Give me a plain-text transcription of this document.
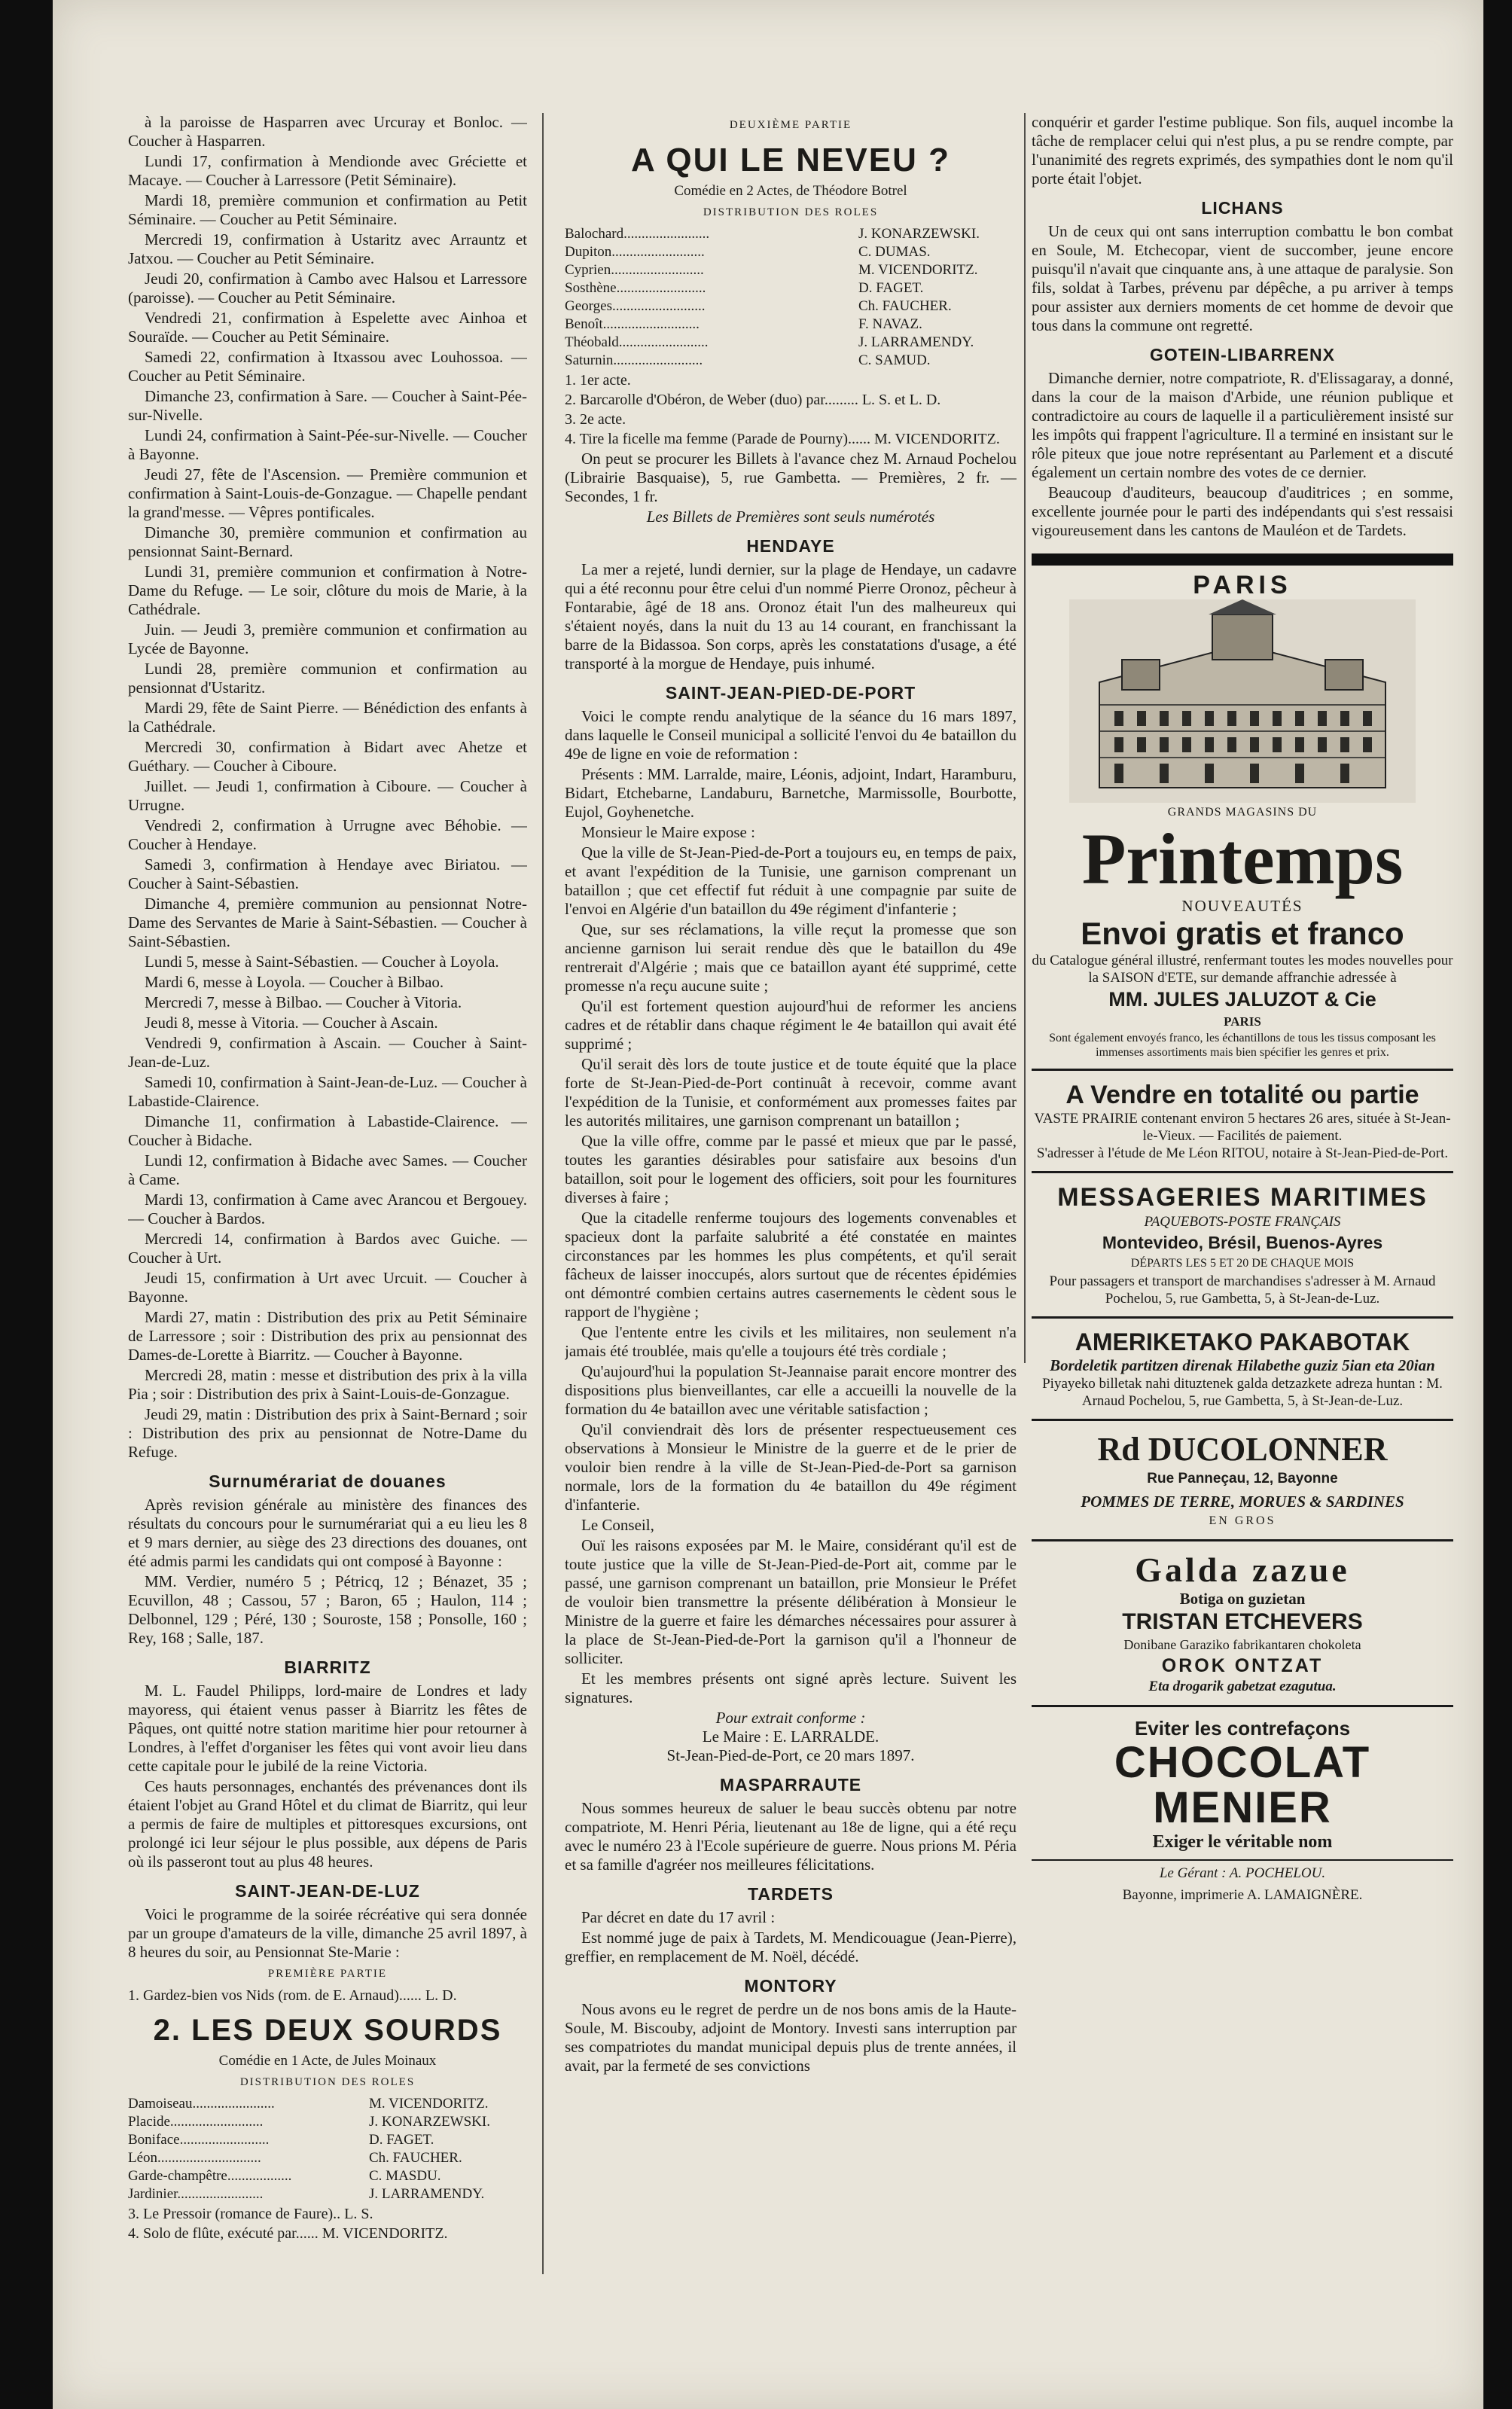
à la paroisse de Hasparren avec Urcuray et Bonloc. — Coucher à Hasparren.

Lundi 17, confirmation à Mendionde avec Gréciette et Macaye. — Coucher à Larressore (Petit Séminaire).

Mardi 18, première communion et confirmation au Petit Séminaire. — Coucher au Petit Séminaire.

Mercredi 19, confirmation à Ustaritz avec Arrauntz et Jatxou. — Coucher au Petit Séminaire.

Jeudi 20, confirmation à Cambo avec Halsou et Larressore (paroisse). — Coucher au Petit Séminaire.

Vendredi 21, confirmation à Espelette avec Ainhoa et Souraïde. — Coucher au Petit Séminaire.

Samedi 22, confirmation à Itxassou avec Louhossoa. — Coucher au Petit Séminaire.

Dimanche 23, confirmation à Sare. — Coucher à Saint-Pée-sur-Nivelle.

Lundi 24, confirmation à Saint-Pée-sur-Nivelle. — Coucher à Bayonne.

Jeudi 27, fête de l'Ascension. — Première communion et confirmation à Saint-Louis-de-Gonzague. — Chapelle pendant la grand'messe. — Vêpres pontificales.

Dimanche 30, première communion et confirmation au pensionnat Saint-Bernard.

Lundi 31, première communion et confirmation à Notre-Dame du Refuge. — Le soir, clôture du mois de Marie, à la Cathédrale.

Juin. — Jeudi 3, première communion et confirmation au Lycée de Bayonne.

Lundi 28, première communion et confirmation au pensionnat d'Ustaritz.

Mardi 29, fête de Saint Pierre. — Bénédiction des enfants à la Cathédrale.

Mercredi 30, confirmation à Bidart avec Ahetze et Guéthary. — Coucher à Ciboure.

Juillet. — Jeudi 1, confirmation à Ciboure. — Coucher à Urrugne.

Vendredi 2, confirmation à Urrugne avec Béhobie. — Coucher à Hendaye.

Samedi 3, confirmation à Hendaye avec Biriatou. — Coucher à Saint-Sébastien.

Dimanche 4, première communion au pensionnat Notre-Dame des Servantes de Marie à Saint-Sébastien. — Coucher à Saint-Sébastien.

Lundi 5, messe à Saint-Sébastien. — Coucher à Loyola.

Mardi 6, messe à Loyola. — Coucher à Bilbao.

Mercredi 7, messe à Bilbao. — Coucher à Vitoria.

Jeudi 8, messe à Vitoria. — Coucher à Ascain.

Vendredi 9, confirmation à Ascain. — Coucher à Saint-Jean-de-Luz.

Samedi 10, confirmation à Saint-Jean-de-Luz. — Coucher à Labastide-Clairence.

Dimanche 11, confirmation à Labastide-Clairence. — Coucher à Bidache.

Lundi 12, confirmation à Bidache avec Sames. — Coucher à Came.

Mardi 13, confirmation à Came avec Arancou et Bergouey. — Coucher à Bardos.

Mercredi 14, confirmation à Bardos avec Guiche. — Coucher à Urt.

Jeudi 15, confirmation à Urt avec Urcuit. — Coucher à Bayonne.

Mardi 27, matin : Distribution des prix au Petit Séminaire de Larressore ; soir : Distribution des prix au pensionnat des Dames-de-Lorette à Biarritz. — Coucher à Bayonne.

Mercredi 28, matin : messe et distribution des prix à la villa Pia ; soir : Distribution des prix à Saint-Louis-de-Gonzague.

Jeudi 29, matin : Distribution des prix à Saint-Bernard ; soir : Distribution des prix au pensionnat de Notre-Dame du Refuge.

Surnumérariat de douanes

Après revision générale au ministère des finances des résultats du concours pour le surnumérariat qui a eu lieu les 8 et 9 mars dernier, au siège des 23 directions des douanes, ont été admis parmi les candidats qui ont composé à Bayonne :

MM. Verdier, numéro 5 ; Pétricq, 12 ; Bénazet, 35 ; Ecuvillon, 48 ; Cassou, 57 ; Baron, 65 ; Haulon, 114 ; Delbonnel, 129 ; Péré, 130 ; Souroste, 158 ; Ponsolle, 160 ; Rey, 168 ; Salle, 187.

BIARRITZ

M. L. Faudel Philipps, lord-maire de Londres et lady mayoress, qui étaient venus passer à Biarritz les fêtes de Pâques, ont quitté notre station maritime hier pour retourner à Londres, à l'effet d'organiser les fêtes qui vont avoir lieu dans cette capitale pour le jubilé de la reine Victoria.

Ces hauts personnages, enchantés des prévenances dont ils étaient l'objet au Grand Hôtel et du climat de Biarritz, qui leur a permis de faire de multiples et pittoresques excursions, ont prolongé ici leur séjour le plus possible, aux dépens de Paris où ils passeront tout au plus 48 heures.

SAINT-JEAN-DE-LUZ

Voici le programme de la soirée récréative qui sera donnée par un groupe d'amateurs de la ville, dimanche 25 avril 1897, à 8 heures du soir, au Pensionnat Ste-Marie :

PREMIÈRE PARTIE

1. Gardez-bien vos Nids (rom. de E. Arnaud)...... L. D.

2. LES DEUX SOURDS
Comédie en 1 Acte, de Jules Moinaux
DISTRIBUTION DES ROLES
Damoiseau.......................	M. VICENDORITZ.
Placide..........................	J. KONARZEWSKI.
Boniface.........................	D. FAGET.
Léon.............................	Ch. FAUCHER.
Garde-champêtre..................	C. MASDU.
Jardinier........................	J. LARRAMENDY.

3. Le Pressoir (romance de Faure).. L. S.

4. Solo de flûte, exécuté par...... M. VICENDORITZ.

DEUXIÈME PARTIE
A QUI LE NEVEU ?
Comédie en 2 Actes, de Théodore Botrel
DISTRIBUTION DES ROLES
Balochard........................	J. KONARZEWSKI.
Dupiton..........................	C. DUMAS.
Cyprien..........................	M. VICENDORITZ.
Sosthène.........................	D. FAGET.
Georges..........................	Ch. FAUCHER.
Benoît...........................	F. NAVAZ.
Théobald.........................	J. LARRAMENDY.
Saturnin.........................	C. SAMUD.

1. 1er acte.

2. Barcarolle d'Obéron, de Weber (duo) par......... L. S. et L. D.

3. 2e acte.

4. Tire la ficelle ma femme (Parade de Pourny)...... M. VICENDORITZ.

On peut se procurer les Billets à l'avance chez M. Arnaud Pochelou (Librairie Basquaise), 5, rue Gambetta. — Premières, 2 fr. — Secondes, 1 fr.

Les Billets de Premières sont seuls numérotés
HENDAYE

La mer a rejeté, lundi dernier, sur la plage de Hendaye, un cadavre qui a été reconnu pour être celui d'un nommé Pierre Oronoz, pêcheur à Fontarabie, âgé de 18 ans. Oronoz était l'un des malheureux qui s'étaient noyés, dans la nuit du 13 au 14 courant, en franchissant la barre de la Bidassoa. Son corps, après les constatations d'usage, a été transporté à la morgue de Hendaye, puis inhumé.

SAINT-JEAN-PIED-DE-PORT

Voici le compte rendu analytique de la séance du 16 mars 1897, dans laquelle le Conseil municipal a sollicité l'envoi du 4e bataillon du 49e de ligne en voie de reformation :

Présents : MM. Larralde, maire, Léonis, adjoint, Indart, Haramburu, Bidart, Etchebarne, Landaburu, Barnetche, Marmissolle, Bourbotte, Eujol, Goyhenetche.

Monsieur le Maire expose :

Que la ville de St-Jean-Pied-de-Port a toujours eu, en temps de paix, et avant l'expédition de la Tunisie, une garnison comprenant un bataillon ; que cet effectif fut réduit à une compagnie par suite de l'envoi en Algérie d'un bataillon du 49e régiment d'infanterie ;

Que, sur ses réclamations, la ville reçut la promesse que son ancienne garnison lui serait rendue dès que le bataillon du 49e rentrerait d'Algérie ; mais que ce bataillon ayant été supprimé, cette promesse n'a reçu aucune suite ;

Qu'il est fortement question aujourd'hui de reformer les anciens cadres et de rétablir dans chaque régiment le 4e bataillon qui avait été supprimé ;

Qu'il serait dès lors de toute justice et de toute équité que la place forte de St-Jean-Pied-de-Port continuât à recevoir, comme avant l'expédition de la Tunisie, et conformément aux promesses faites par les autorités militaires, une garnison comprenant un bataillon ;

Que la ville offre, comme par le passé et mieux que par le passé, toutes les garanties désirables pour satisfaire aux besoins d'un bataillon, soit pour le logement des officiers, soit pour les fournitures diverses à faire ;

Que la citadelle renferme toujours des logements convenables et spacieux dont la parfaite salubrité a été constatée en maintes circonstances par les hommes les plus compétents, et qu'il serait fâcheux de laisser inoccupés, alors surtout que de récentes épidémies ont démontré combien certains autres casernements le cèdent sous le rapport de l'hygiène ;

Que l'entente entre les civils et les militaires, non seulement n'a jamais été troublée, mais qu'elle a toujours été très cordiale ;

Qu'aujourd'hui la population St-Jeannaise parait encore montrer des dispositions plus bienveillantes, car elle a accueilli la nouvelle de la formation du 4e bataillon avec une véritable satisfaction ;

Qu'il conviendrait dès lors de présenter respectueusement ces observations à Monsieur le Ministre de la guerre et de le prier de vouloir bien rendre à la ville de St-Jean-Pied-de-Port sa garnison normale, lors de la formation du 4e bataillon du 49e régiment d'infanterie.

Le Conseil,

Ouï les raisons exposées par M. le Maire, considérant qu'il est de toute justice que la ville de St-Jean-Pied-de-Port ait, comme par le passé, une garnison comprenant un bataillon, prie Monsieur le Préfet de vouloir bien transmettre la présente délibération à Monsieur le Ministre de la guerre et faire les démarches nécessaires pour assurer à la place de St-Jean-Pied-de-Port la garnison qu'il a l'honneur de solliciter.

Et les membres présents ont signé après lecture. Suivent les signatures.

Pour extrait conforme :
Le Maire : E. LARRALDE.
St-Jean-Pied-de-Port, ce 20 mars 1897.
MASPARRAUTE

Nous sommes heureux de saluer le beau succès obtenu par notre compatriote, M. Henri Péria, lieutenant au 18e de ligne, qui a été reçu avec le numéro 23 à l'Ecole supérieure de guerre. Nous prions M. Péria et sa famille d'agréer nos meilleures félicitations.

TARDETS

Par décret en date du 17 avril :

Est nommé juge de paix à Tardets, M. Mendicouague (Jean-Pierre), greffier, en remplacement de M. Noël, décédé.

MONTORY

Nous avons eu le regret de perdre un de nos bons amis de la Haute-Soule, M. Biscouby, adjoint de Montory. Investi sans interruption par ses compatriotes du mandat municipal depuis plus de trente années, il avait, par la fermeté de ses convictions

conquérir et garder l'estime publique. Son fils, auquel incombe la tâche de remplacer celui qui n'est plus, a pu se rendre compte, par l'unanimité des regrets exprimés, des sympathies dont le nom qu'il porte était l'objet.

LICHANS

Un de ceux qui ont sans interruption combattu le bon combat en Soule, M. Etchecopar, vient de succomber, jeune encore puisqu'il n'avait que cinquante ans, à une attaque de paralysie. Son fils, soldat à Tarbes, prévenu par dépêche, a pu arriver à temps pour assister aux derniers moments de cet homme de devoir que tous dans la commune ont regretté.

GOTEIN-LIBARRENX

Dimanche dernier, notre compatriote, R. d'Elissagaray, a donné, dans la cour de la maison d'Arbide, une réunion publique et contradictoire au cours de laquelle il a particulièrement insisté sur les impôts qui frappent l'agriculture. Il a terminé en insistant sur le rôle piteux que joue notre représentant au Parlement et a discuté également un certain nombre des votes de ce dernier.

Beaucoup d'auditeurs, beaucoup d'auditrices ; en somme, excellente journée pour le parti des indépendants qui s'est ressaisi vigoureusement dans les cantons de Mauléon et de Tardets.

PARIS
GRANDS MAGASINS DU
Printemps
NOUVEAUTÉS
Envoi gratis et franco
du Catalogue général illustré, renfermant toutes les modes nouvelles pour la SAISON d'ETE, sur demande affranchie adressée à
MM. JULES JALUZOT & Cie
PARIS
Sont également envoyés franco, les échantillons de tous les tissus composant les immenses assortiments mais bien spécifier les genres et prix.
A Vendre en totalité ou partie
VASTE PRAIRIE contenant environ 5 hectares 26 ares, située à St-Jean-le-Vieux. — Facilités de paiement.
S'adresser à l'étude de Me Léon RITOU, notaire à St-Jean-Pied-de-Port.
MESSAGERIES MARITIMES
PAQUEBOTS-POSTE FRANÇAIS
Montevideo, Brésil, Buenos-Ayres
DÉPARTS LES 5 ET 20 DE CHAQUE MOIS
Pour passagers et transport de marchandises s'adresser à M. Arnaud Pochelou, 5, rue Gambetta, 5, à St-Jean-de-Luz.
AMERIKETAKO PAKABOTAK
Bordeletik partitzen direnak Hilabethe guziz 5ian eta 20ian
Piyayeko billetak nahi dituztenek galda detzazkete adreza huntan : M. Arnaud Pochelou, 5, rue Gambetta, 5, à St-Jean-de-Luz.
Rd DUCOLONNER
Rue Panneçau, 12, Bayonne
POMMES DE TERRE, MORUES & SARDINES
EN GROS
Galda zazue
Botiga on guzietan
TRISTAN ETCHEVERS
Donibane Garaziko fabrikantaren chokoleta
OROK ONTZAT
Eta drogarik gabetzat ezagutua.
Eviter les contrefaçons
CHOCOLAT
MENIER
Exiger le véritable nom
Le Gérant : A. POCHELOU.
Bayonne, imprimerie A. LAMAIGNÈRE.
